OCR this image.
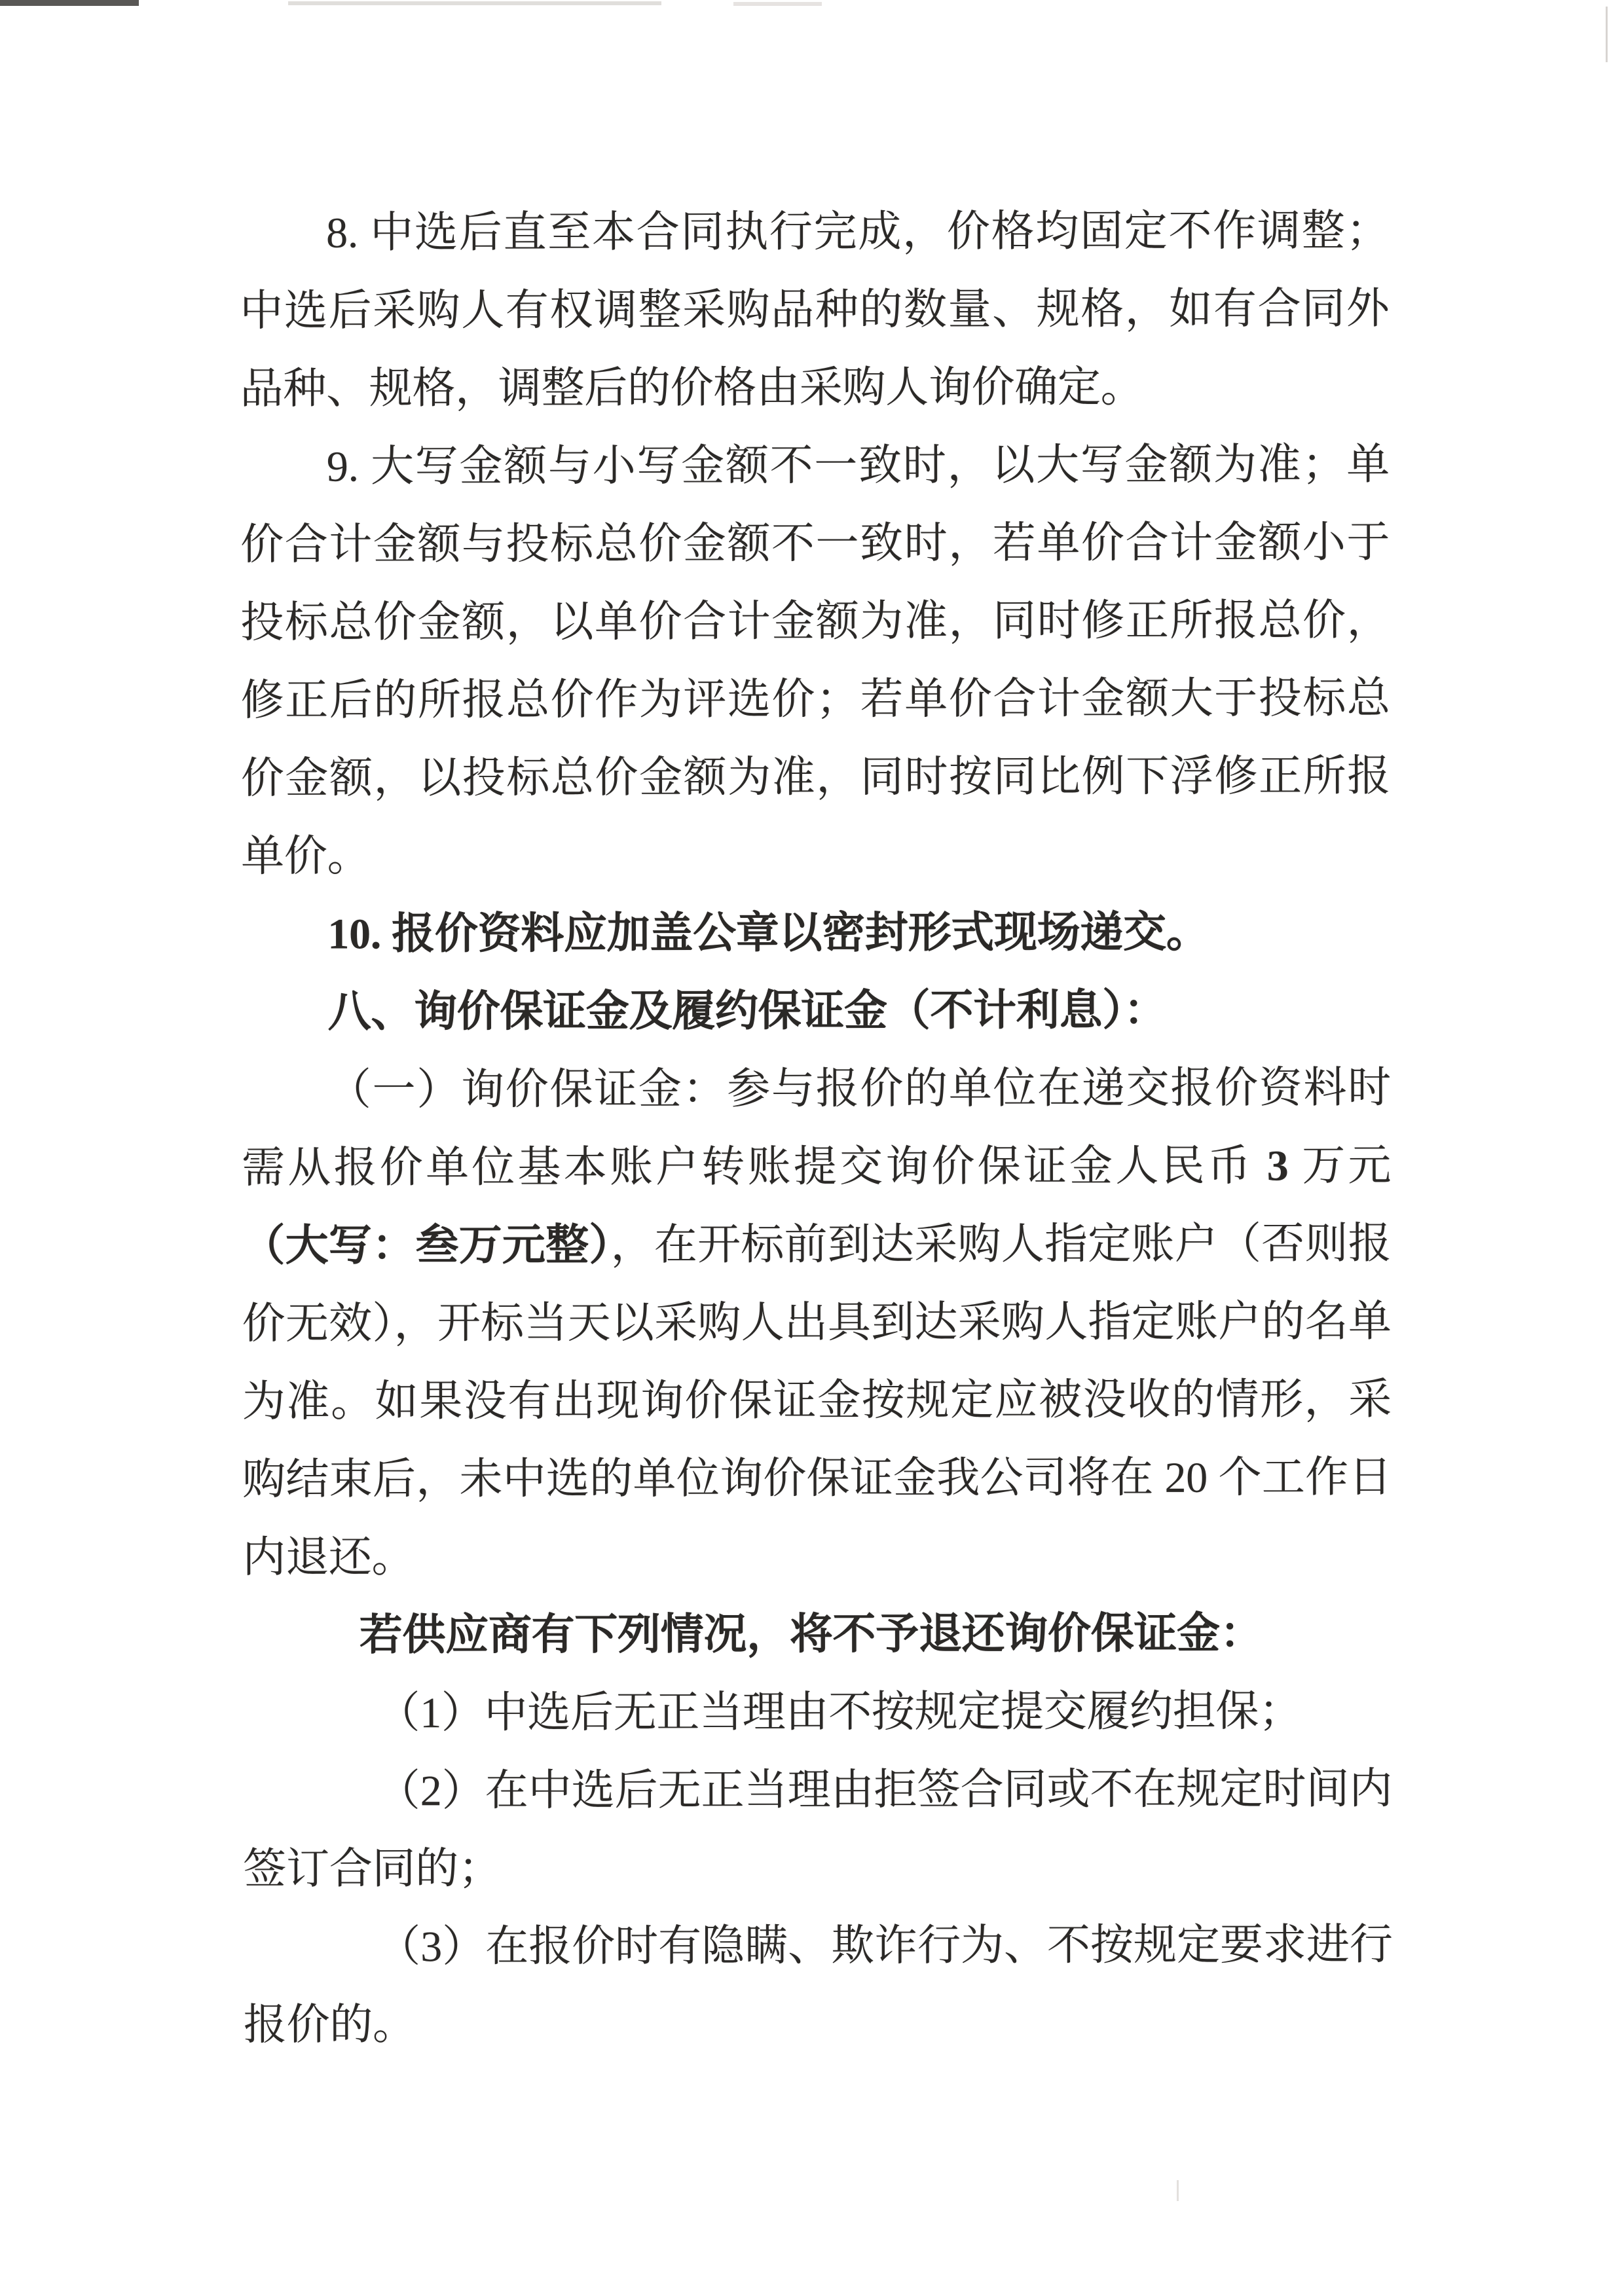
8. 中选后直至本合同执行完成，价格均固定不作调整；中选后采购人有权调整采购品种的数量、规格，如有合同外品种、规格，调整后的价格由采购人询价确定。

9. 大写金额与小写金额不一致时，以大写金额为准；单价合计金额与投标总价金额不一致时，若单价合计金额小于投标总价金额，以单价合计金额为准，同时修正所报总价，修正后的所报总价作为评选价；若单价合计金额大于投标总价金额，以投标总价金额为准，同时按同比例下浮修正所报单价。

10. 报价资料应加盖公章以密封形式现场递交。

八、询价保证金及履约保证金（不计利息）：

（一）询价保证金：参与报价的单位在递交报价资料时需从报价单位基本账户转账提交询价保证金人民币 3 万元（大写：叁万元整），在开标前到达采购人指定账户（否则报价无效），开标当天以采购人出具到达采购人指定账户的名单为准。如果没有出现询价保证金按规定应被没收的情形，采购结束后，未中选的单位询价保证金我公司将在 20 个工作日内退还。

若供应商有下列情况，将不予退还询价保证金：

（1）中选后无正当理由不按规定提交履约担保；

（2）在中选后无正当理由拒签合同或不在规定时间内签订合同的；

（3）在报价时有隐瞒、欺诈行为、不按规定要求进行报价的。
